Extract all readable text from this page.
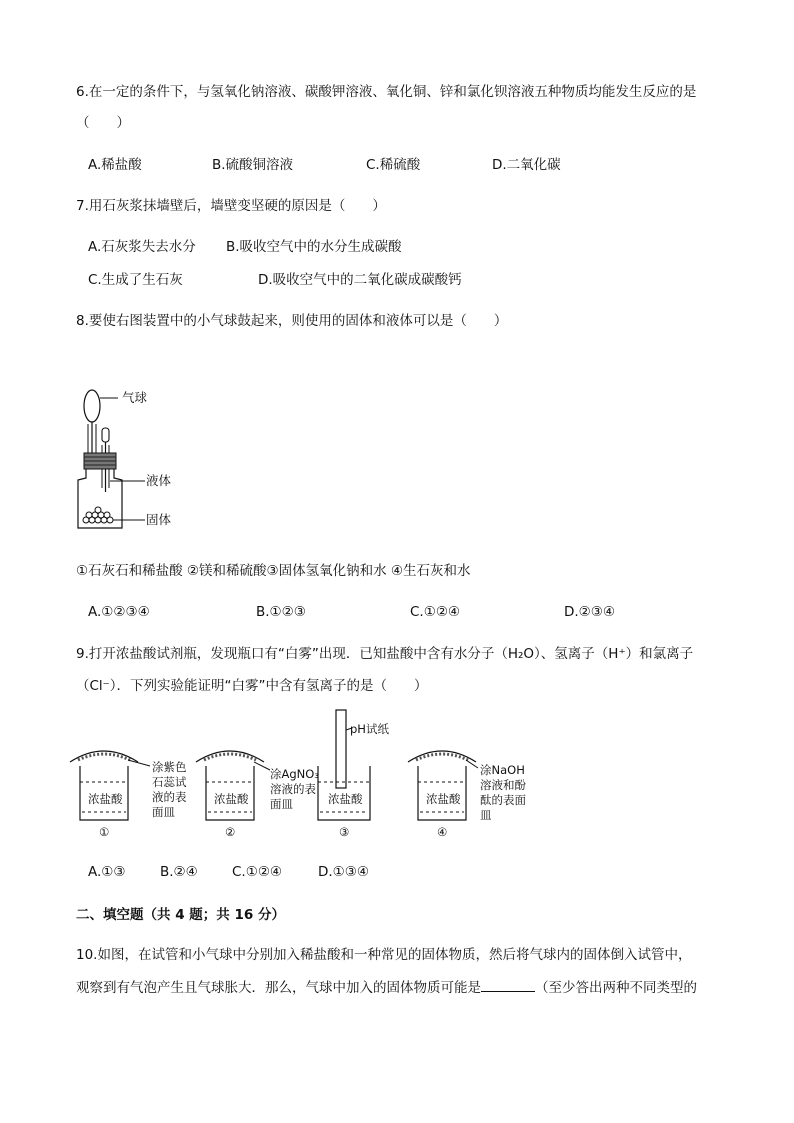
6.在一定的条件下，与氢氧化钠溶液、碳酸钾溶液、氧化铜、锌和氯化钡溶液五种物质均能发生反应的是
（　　）
A.稀盐酸	B.硫酸铜溶液	C.稀硫酸	D.二氧化碳
7.用石灰浆抹墙壁后，墙壁变坚硬的原因是（　　）
A.石灰浆失去水分 B.吸收空气中的水分生成碳酸
C.生成了生石灰	D.吸收空气中的二氧化碳成碳酸钙
8.要使右图装置中的小气球鼓起来，则使用的固体和液体可以是（　　）
气球
液体
固体
①石灰石和稀盐酸 ②镁和稀硫酸③固体氢氧化钠和水 ④生石灰和水
A.①②③④	B.①②③	C.①②④	D.②③④
9.打开浓盐酸试剂瓶，发现瓶口有“白雾”出现．已知盐酸中含有水分子（H₂O）、氢离子（H⁺）和氯离子
（Cl⁻）．下列实验能证明“白雾”中含有氢离子的是（　　）
pH试纸
涂紫色
石蕊试
液的表
面皿
涂AgNO₃
溶液的表
面皿
涂NaOH
溶液和酚
酞的表面
皿
浓盐酸	浓盐酸	浓盐酸	浓盐酸
①	②	③	④
A.①③	B.②④	C.①②④	D.①③④
二、填空题（共 4 题；共 16 分）
10.如图，在试管和小气球中分别加入稀盐酸和一种常见的固体物质，然后将气球内的固体倒入试管中，
观察到有气泡产生且气球胀大．那么，气球中加入的固体物质可能是	（至少答出两种不同类型的
